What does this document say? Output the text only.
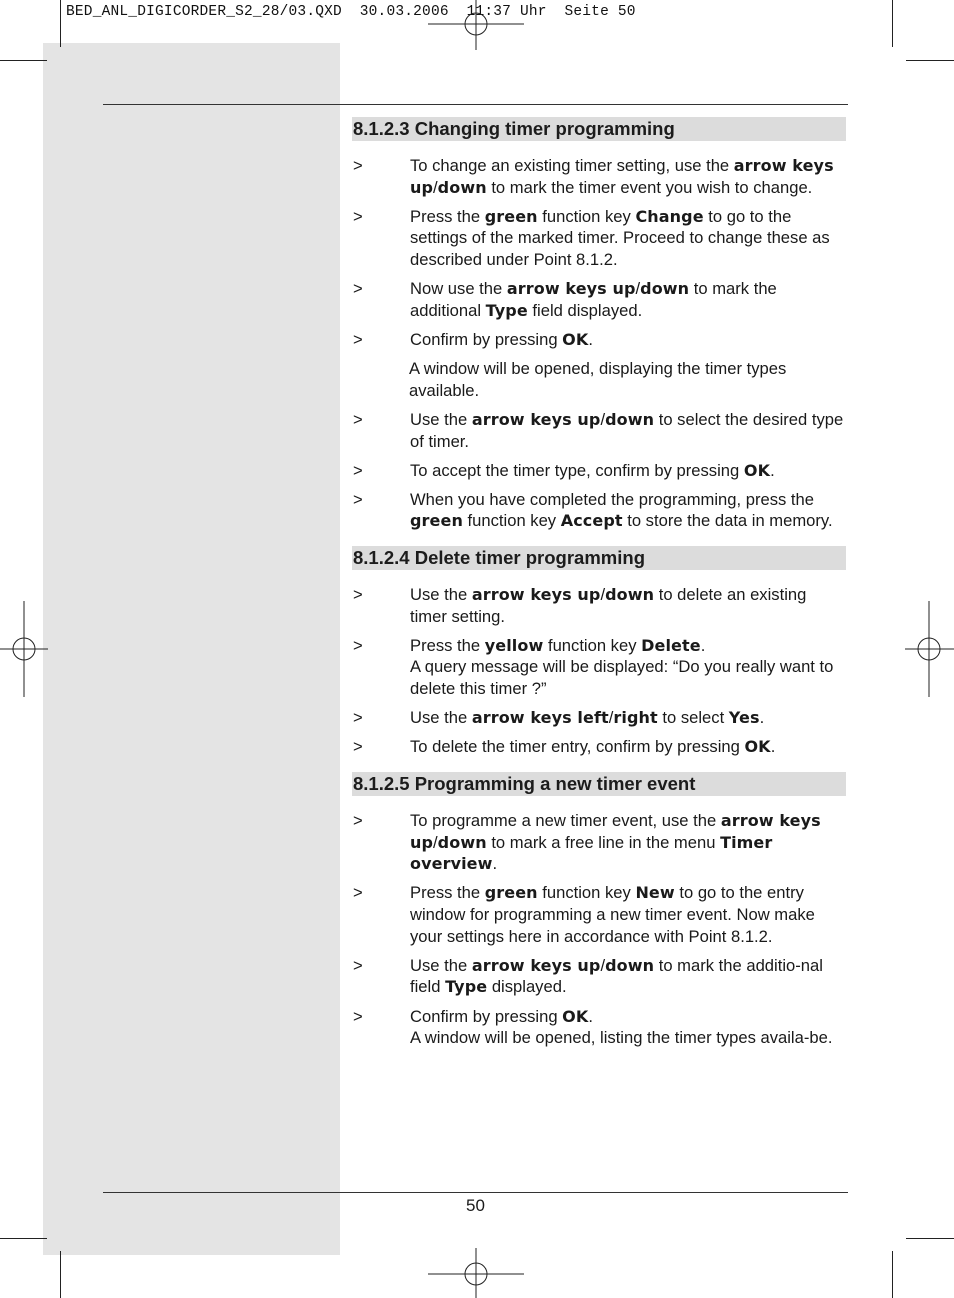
BED_ANL_DIGICORDER_S2_28/03.QXD  30.03.2006  11:37 Uhr  Seite 50
8.1.2.3 Changing timer programming
>	To change an existing timer setting, use the arrow keys up/down to mark the timer event you wish to change.
>	Press the green function key Change to go to the settings of the marked timer. Proceed to change these as described under Point 8.1.2.
>	Now use the arrow keys up/down to mark the additional Type field displayed.
>	Confirm by pressing OK.
A window will be opened, displaying the timer types available.
>	Use the arrow keys up/down to select the desired type of timer.
>	To accept the timer type, confirm by pressing OK.
>	When you have completed the programming, press the green function key Accept to store the data in memory.
8.1.2.4 Delete timer programming
>	Use the arrow keys up/down to delete an existing timer setting.
>	Press the yellow function key Delete.
A query message will be displayed: “Do you really want to delete this timer ?”
>	Use the arrow keys left/right to select Yes.
>	To delete the timer entry, confirm by pressing OK.
8.1.2.5 Programming a new timer event
>	To programme a new timer event, use the arrow keys up/down to mark a free line in the menu Timer overview.
>	Press the green function key New to go to the entry window for programming a new timer event. Now make your settings here in accordance with Point 8.1.2.
>	Use the arrow keys up/down to mark the additio-nal field Type displayed.
>	Confirm by pressing OK.
A window will be opened, listing the timer types availa-be.
50
